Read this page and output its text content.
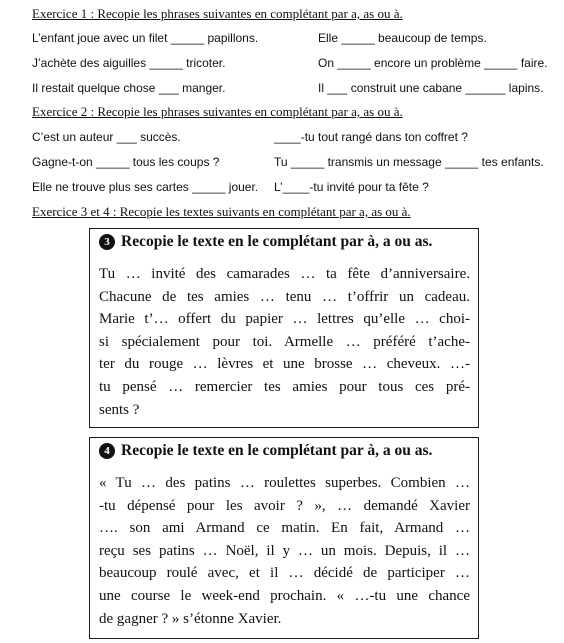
Exercice 1 : Recopie les phrases suivantes en complétant par a, as ou à.
L’enfant joue avec un filet _____ papillons.	Elle _____ beaucoup de temps.
J’achète des aiguilles _____ tricoter.	On _____ encore un problème _____ faire.
Il restait quelque chose ___ manger.	Il ___ construit une cabane ______ lapins.
Exercice 2 : Recopie les phrases suivantes en complétant par a, as ou à.
C’est un auteur ___ succès.	____-tu tout rangé dans ton coffret ?
Gagne-t-on _____ tous les coups ?	Tu _____ transmis un message _____ tes enfants.
Elle ne trouve plus ses cartes _____ jouer. L’____-tu invité pour ta fête ?
Exercice 3 et 4 : Recopie les textes suivants en complétant par a, as ou à.
3 Recopie le texte en le complétant par à, a ou as.
Tu … invité des camarades … ta fête d’anniversaire.
Chacune de tes amies … tenu … t’offrir un cadeau.
Marie t’… offert du papier … lettres qu’elle … choi-
si spécialement pour toi. Armelle … préféré t’ache-
ter du rouge … lèvres et une brosse … cheveux. …-
tu pensé … remercier tes amies pour tous ces pré-
sents ?
4 Recopie le texte en le complétant par à, a ou as.
« Tu … des patins … roulettes superbes. Combien …
-tu dépensé pour les avoir ? », … demandé Xavier
…. son ami Armand ce matin. En fait, Armand …
reçu ses patins … Noël, il y … un mois. Depuis, il …
beaucoup roulé avec, et il … décidé de participer …
une course le week-end prochain. « …-tu une chance
de gagner ? » s’étonne Xavier.
